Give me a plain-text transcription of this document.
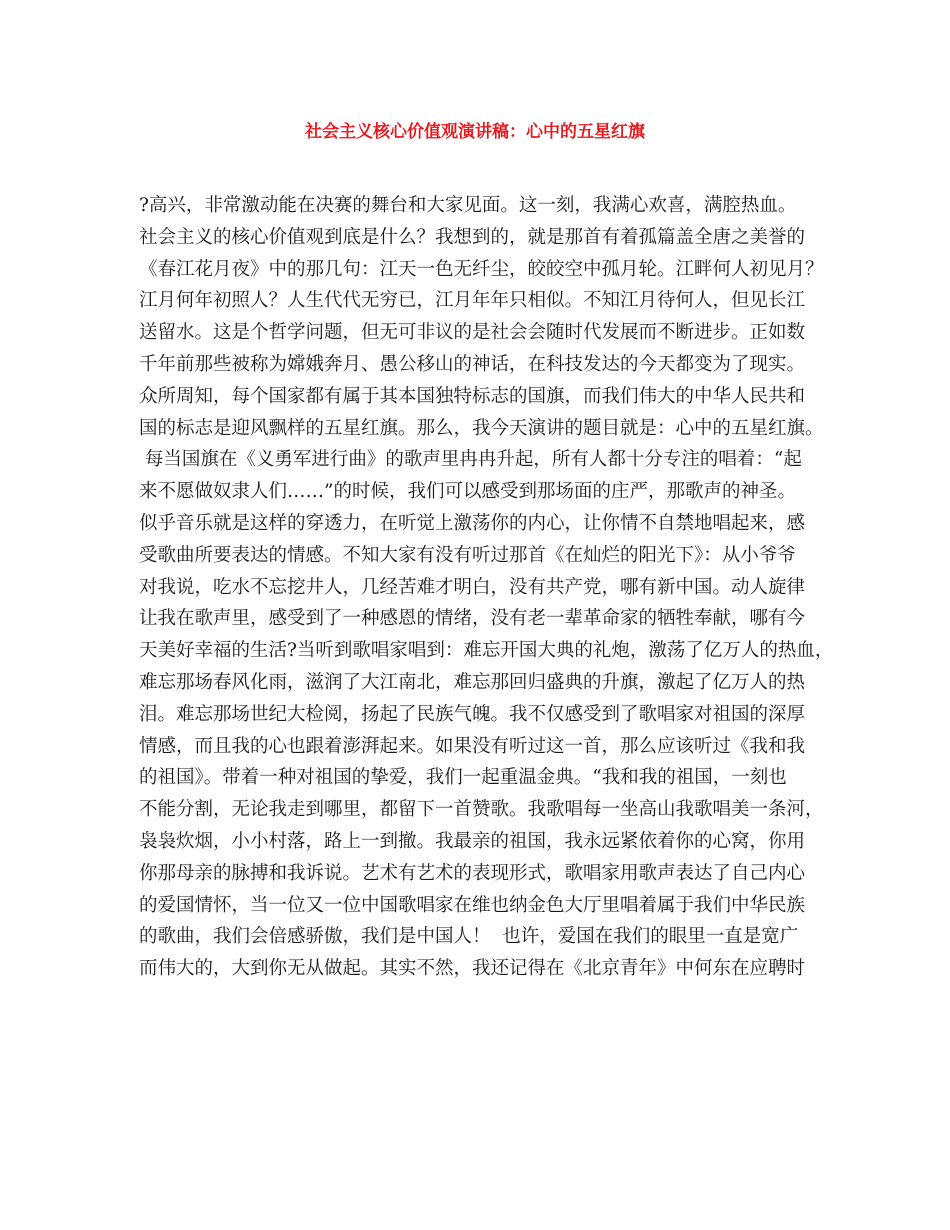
社会主义核心价值观演讲稿：心中的五星红旗
?高兴，非常激动能在决赛的舞台和大家见面。这一刻，我满心欢喜，满腔热血。
社会主义的核心价值观到底是什么？我想到的，就是那首有着孤篇盖全唐之美誉的
《春江花月夜》中的那几句：江天一色无纤尘，皎皎空中孤月轮。江畔何人初见月？
江月何年初照人？人生代代无穷已，江月年年只相似。不知江月待何人，但见长江
送留水。这是个哲学问题，但无可非议的是社会会随时代发展而不断进步。正如数
千年前那些被称为嫦娥奔月、愚公移山的神话，在科技发达的今天都变为了现实。
众所周知，每个国家都有属于其本国独特标志的国旗，而我们伟大的中华人民共和
国的标志是迎风飘样的五星红旗。那么，我今天演讲的题目就是：心中的五星红旗。
每当国旗在《义勇军进行曲》的歌声里冉冉升起，所有人都十分专注的唱着：“起
来不愿做奴隶人们……”的时候，我们可以感受到那场面的庄严，那歌声的神圣。
似乎音乐就是这样的穿透力，在听觉上激荡你的内心，让你情不自禁地唱起来，感
受歌曲所要表达的情感。不知大家有没有听过那首《在灿烂的阳光下》：从小爷爷
对我说，吃水不忘挖井人，几经苦难才明白，没有共产党，哪有新中国。动人旋律
让我在歌声里，感受到了一种感恩的情绪，没有老一辈革命家的牺牲奉献，哪有今
天美好幸福的生活?当听到歌唱家唱到：难忘开国大典的礼炮，激荡了亿万人的热血，
难忘那场春风化雨，滋润了大江南北，难忘那回归盛典的升旗，激起了亿万人的热
泪。难忘那场世纪大检阅，扬起了民族气魄。我不仅感受到了歌唱家对祖国的深厚
情感，而且我的心也跟着澎湃起来。如果没有听过这一首，那么应该听过《我和我
的祖国》。带着一种对祖国的挚爱，我们一起重温金典。“我和我的祖国，一刻也
不能分割，无论我走到哪里，都留下一首赞歌。我歌唱每一坐高山我歌唱美一条河，
袅袅炊烟，小小村落，路上一到撤。我最亲的祖国，我永远紧依着你的心窝，你用
你那母亲的脉搏和我诉说。艺术有艺术的表现形式，歌唱家用歌声表达了自己内心
的爱国情怀，当一位又一位中国歌唱家在维也纳金色大厅里唱着属于我们中华民族
的歌曲，我们会倍感骄傲，我们是中国人！  也许，爱国在我们的眼里一直是宽广
而伟大的，大到你无从做起。其实不然，我还记得在《北京青年》中何东在应聘时
